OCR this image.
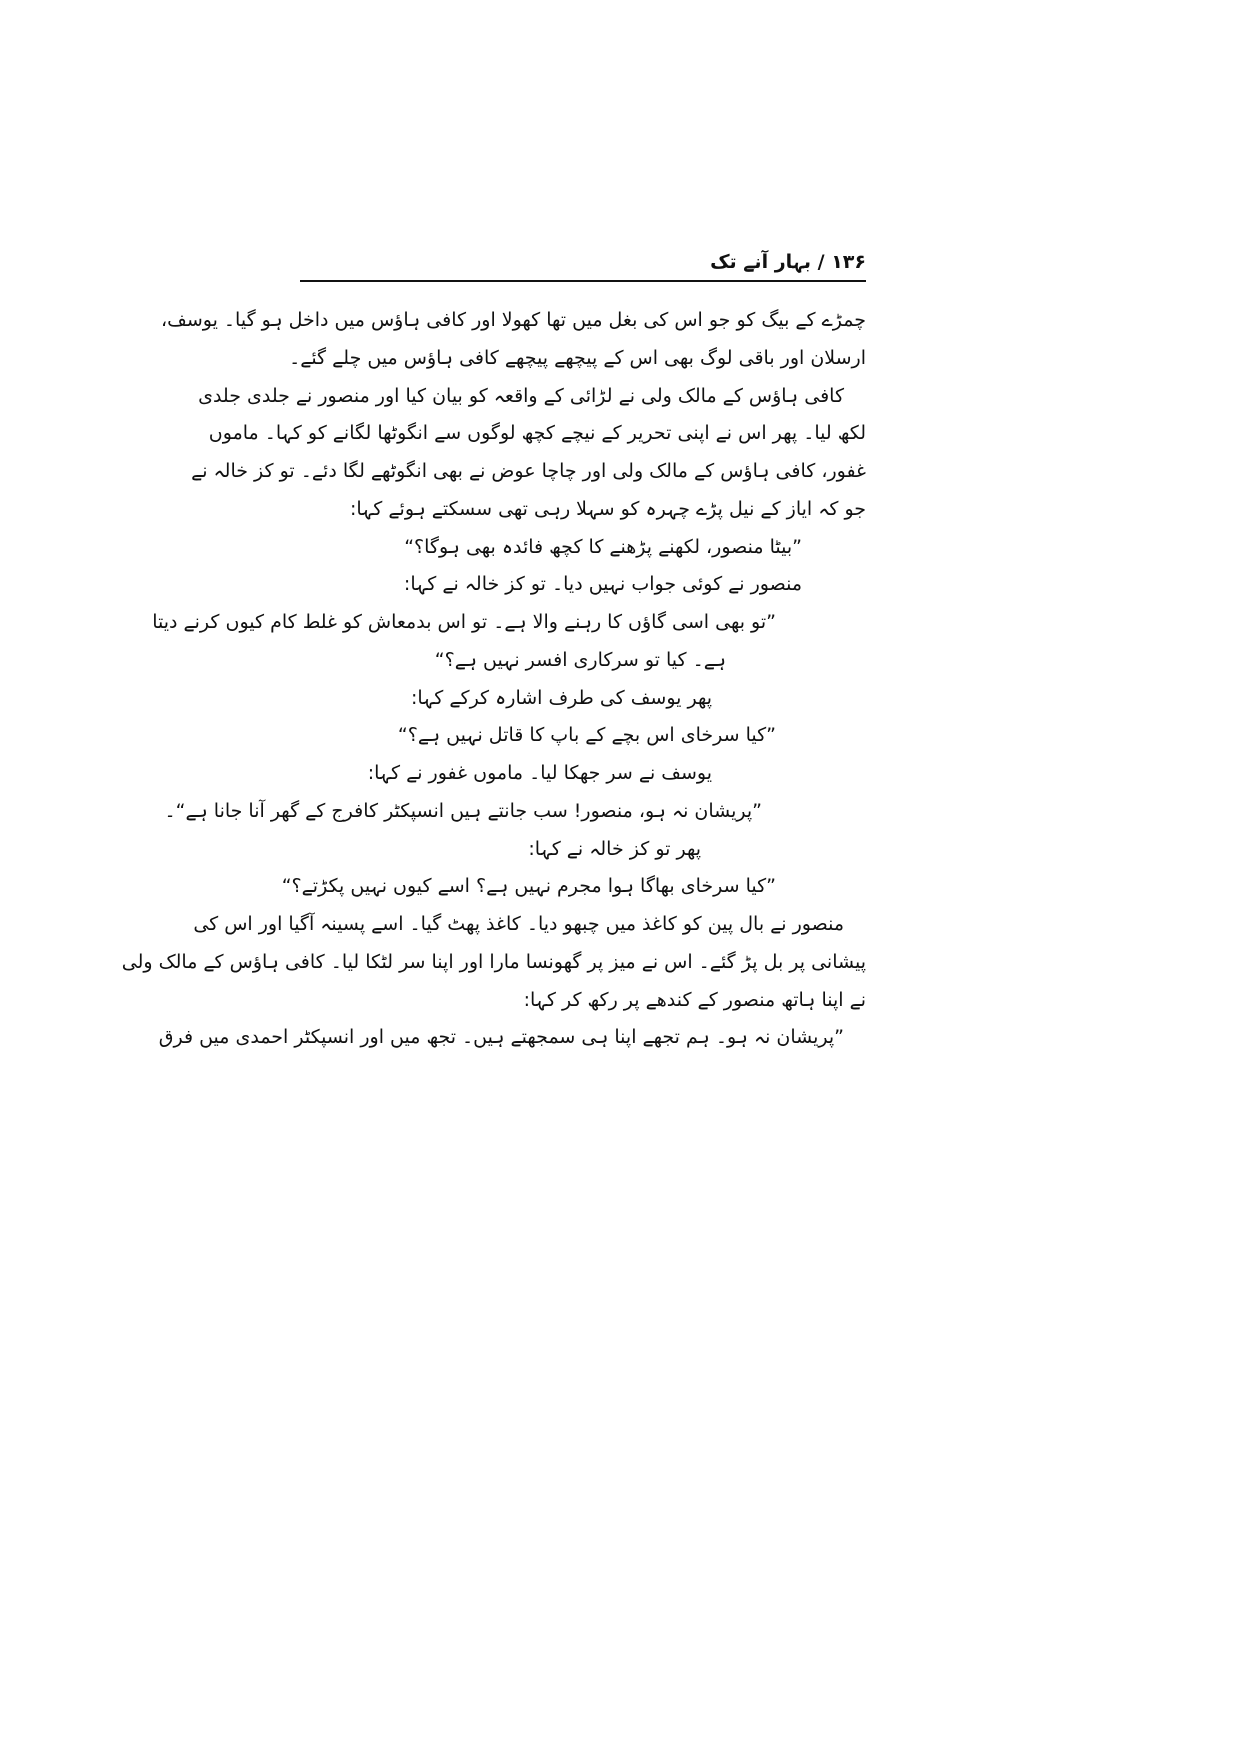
۱۳۶ / بہار آنے تک
چمڑے کے بیگ کو جو اس کی بغل میں تھا کھولا اور کافی ہاؤس میں داخل ہو گیا۔ یوسف،
ارسلان اور باقی لوگ بھی اس کے پیچھے پیچھے کافی ہاؤس میں چلے گئے۔
کافی ہاؤس کے مالک ولی نے لڑائی کے واقعہ کو بیان کیا اور منصور نے جلدی جلدی
لکھ لیا۔ پھر اس نے اپنی تحریر کے نیچے کچھ لوگوں سے انگوٹھا لگانے کو کہا۔ ماموں
غفور، کافی ہاؤس کے مالک ولی اور چاچا عوض نے بھی انگوٹھے لگا دئے۔ تو کز خالہ نے
جو کہ ایاز کے نیل پڑے چہرہ کو سہلا رہی تھی سسکتے ہوئے کہا:
”بیٹا منصور، لکھنے پڑھنے کا کچھ فائدہ بھی ہوگا؟“
منصور نے کوئی جواب نہیں دیا۔ تو کز خالہ نے کہا:
”تو بھی اسی گاؤں کا رہنے والا ہے۔ تو اس بدمعاش کو غلط کام کیوں کرنے دیتا
ہے۔ کیا تو سرکاری افسر نہیں ہے؟“
پھر یوسف کی طرف اشارہ کرکے کہا:
”کیا سرخای اس بچے کے باپ کا قاتل نہیں ہے؟“
یوسف نے سر جھکا لیا۔ ماموں غفور نے کہا:
”پریشان نہ ہو، منصور! سب جانتے ہیں انسپکٹر کافرج کے گھر آنا جانا ہے“۔
پھر تو کز خالہ نے کہا:
”کیا سرخای بھاگا ہوا مجرم نہیں ہے؟ اسے کیوں نہیں پکڑتے؟“
منصور نے بال پین کو کاغذ میں چبھو دیا۔ کاغذ پھٹ گیا۔ اسے پسینہ آگیا اور اس کی
پیشانی پر بل پڑ گئے۔ اس نے میز پر گھونسا مارا اور اپنا سر لٹکا لیا۔ کافی ہاؤس کے مالک ولی
نے اپنا ہاتھ منصور کے کندھے پر رکھ کر کہا:
”پریشان نہ ہو۔ ہم تجھے اپنا ہی سمجھتے ہیں۔ تجھ میں اور انسپکٹر احمدی میں فرق
